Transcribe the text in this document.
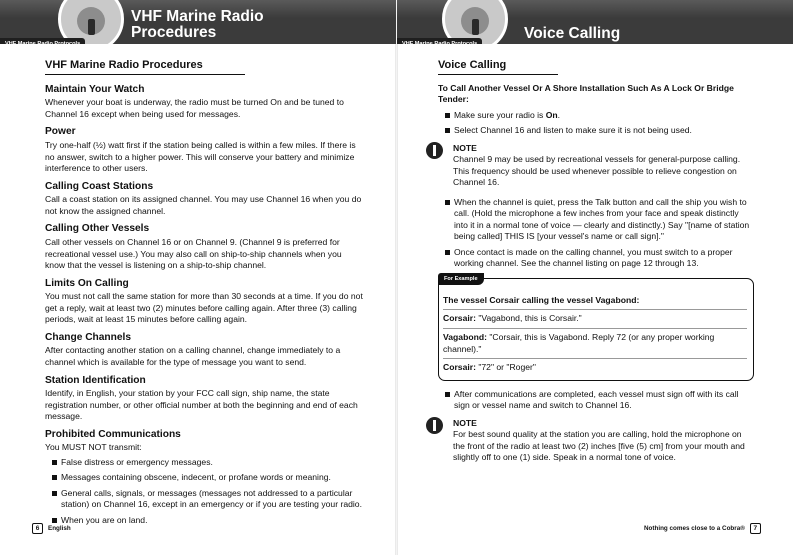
VHF Marine Radio
Procedures
VHF Marine Radio Protocols
VHF Marine Radio Procedures
Maintain Your Watch

Whenever your boat is underway, the radio must be turned On and be tuned to Channel 16 except when being used for messages.

Power

Try one-half (½) watt first if the station being called is within a few miles. If there is no answer, switch to a higher power. This will conserve your battery and minimize interference to other users.

Calling Coast Stations

Call a coast station on its assigned channel. You may use Channel 16 when you do not know the assigned channel.

Calling Other Vessels

Call other vessels on Channel 16 or on Channel 9. (Channel 9 is preferred for recreational vessel use.) You may also call on ship-to-ship channels when you know that the vessel is listening on a ship-to-ship channel.

Limits On Calling

You must not call the same station for more than 30 seconds at a time. If you do not get a reply, wait at least two (2) minutes before calling again. After three (3) calling periods, wait at least 15 minutes before calling again.

Change Channels

After contacting another station on a calling channel, change immediately to a channel which is available for the type of message you want to send.

Station Identification

Identify, in English, your station by your FCC call sign, ship name, the state registration number, or other official number at both the beginning and end of each message.

Prohibited Communications

You MUST NOT transmit:

False distress or emergency messages.
Messages containing obscene, indecent, or profane words or meaning.
General calls, signals, or messages (messages not addressed to a particular station) on Channel 16, except in an emergency or if you are testing your radio.
When you are on land.
6 English
Voice Calling
VHF Marine Radio Protocols
Voice Calling

To Call Another Vessel Or A Shore Installation Such As A Lock Or Bridge Tender:

Make sure your radio is On.
Select Channel 16 and listen to make sure it is not being used.
NOTE

Channel 9 may be used by recreational vessels for general-purpose calling. This frequency should be used whenever possible to relieve congestion on Channel 16.

When the channel is quiet, press the Talk button and call the ship you wish to call. (Hold the microphone a few inches from your face and speak distinctly into it in a normal tone of voice — clearly and distinctly.) Say "[name of station being called] THIS IS [your vessel's name or call sign]."
Once contact is made on the calling channel, you must switch to a proper working channel. See the channel listing on page 12 through 13.
For Example
The vessel Corsair calling the vessel Vagabond:
Corsair: "Vagabond, this is Corsair."
Vagabond: "Corsair, this is Vagabond. Reply 72 (or any proper working channel)."
Corsair: "72" or "Roger"
After communications are completed, each vessel must sign off with its call sign or vessel name and switch to Channel 16.
NOTE

For best sound quality at the station you are calling, hold the microphone on the front of the radio at least two (2) inches [five (5) cm] from your mouth and slightly off to one (1) side. Speak in a normal tone of voice.

Nothing comes close to a Cobra® 7
